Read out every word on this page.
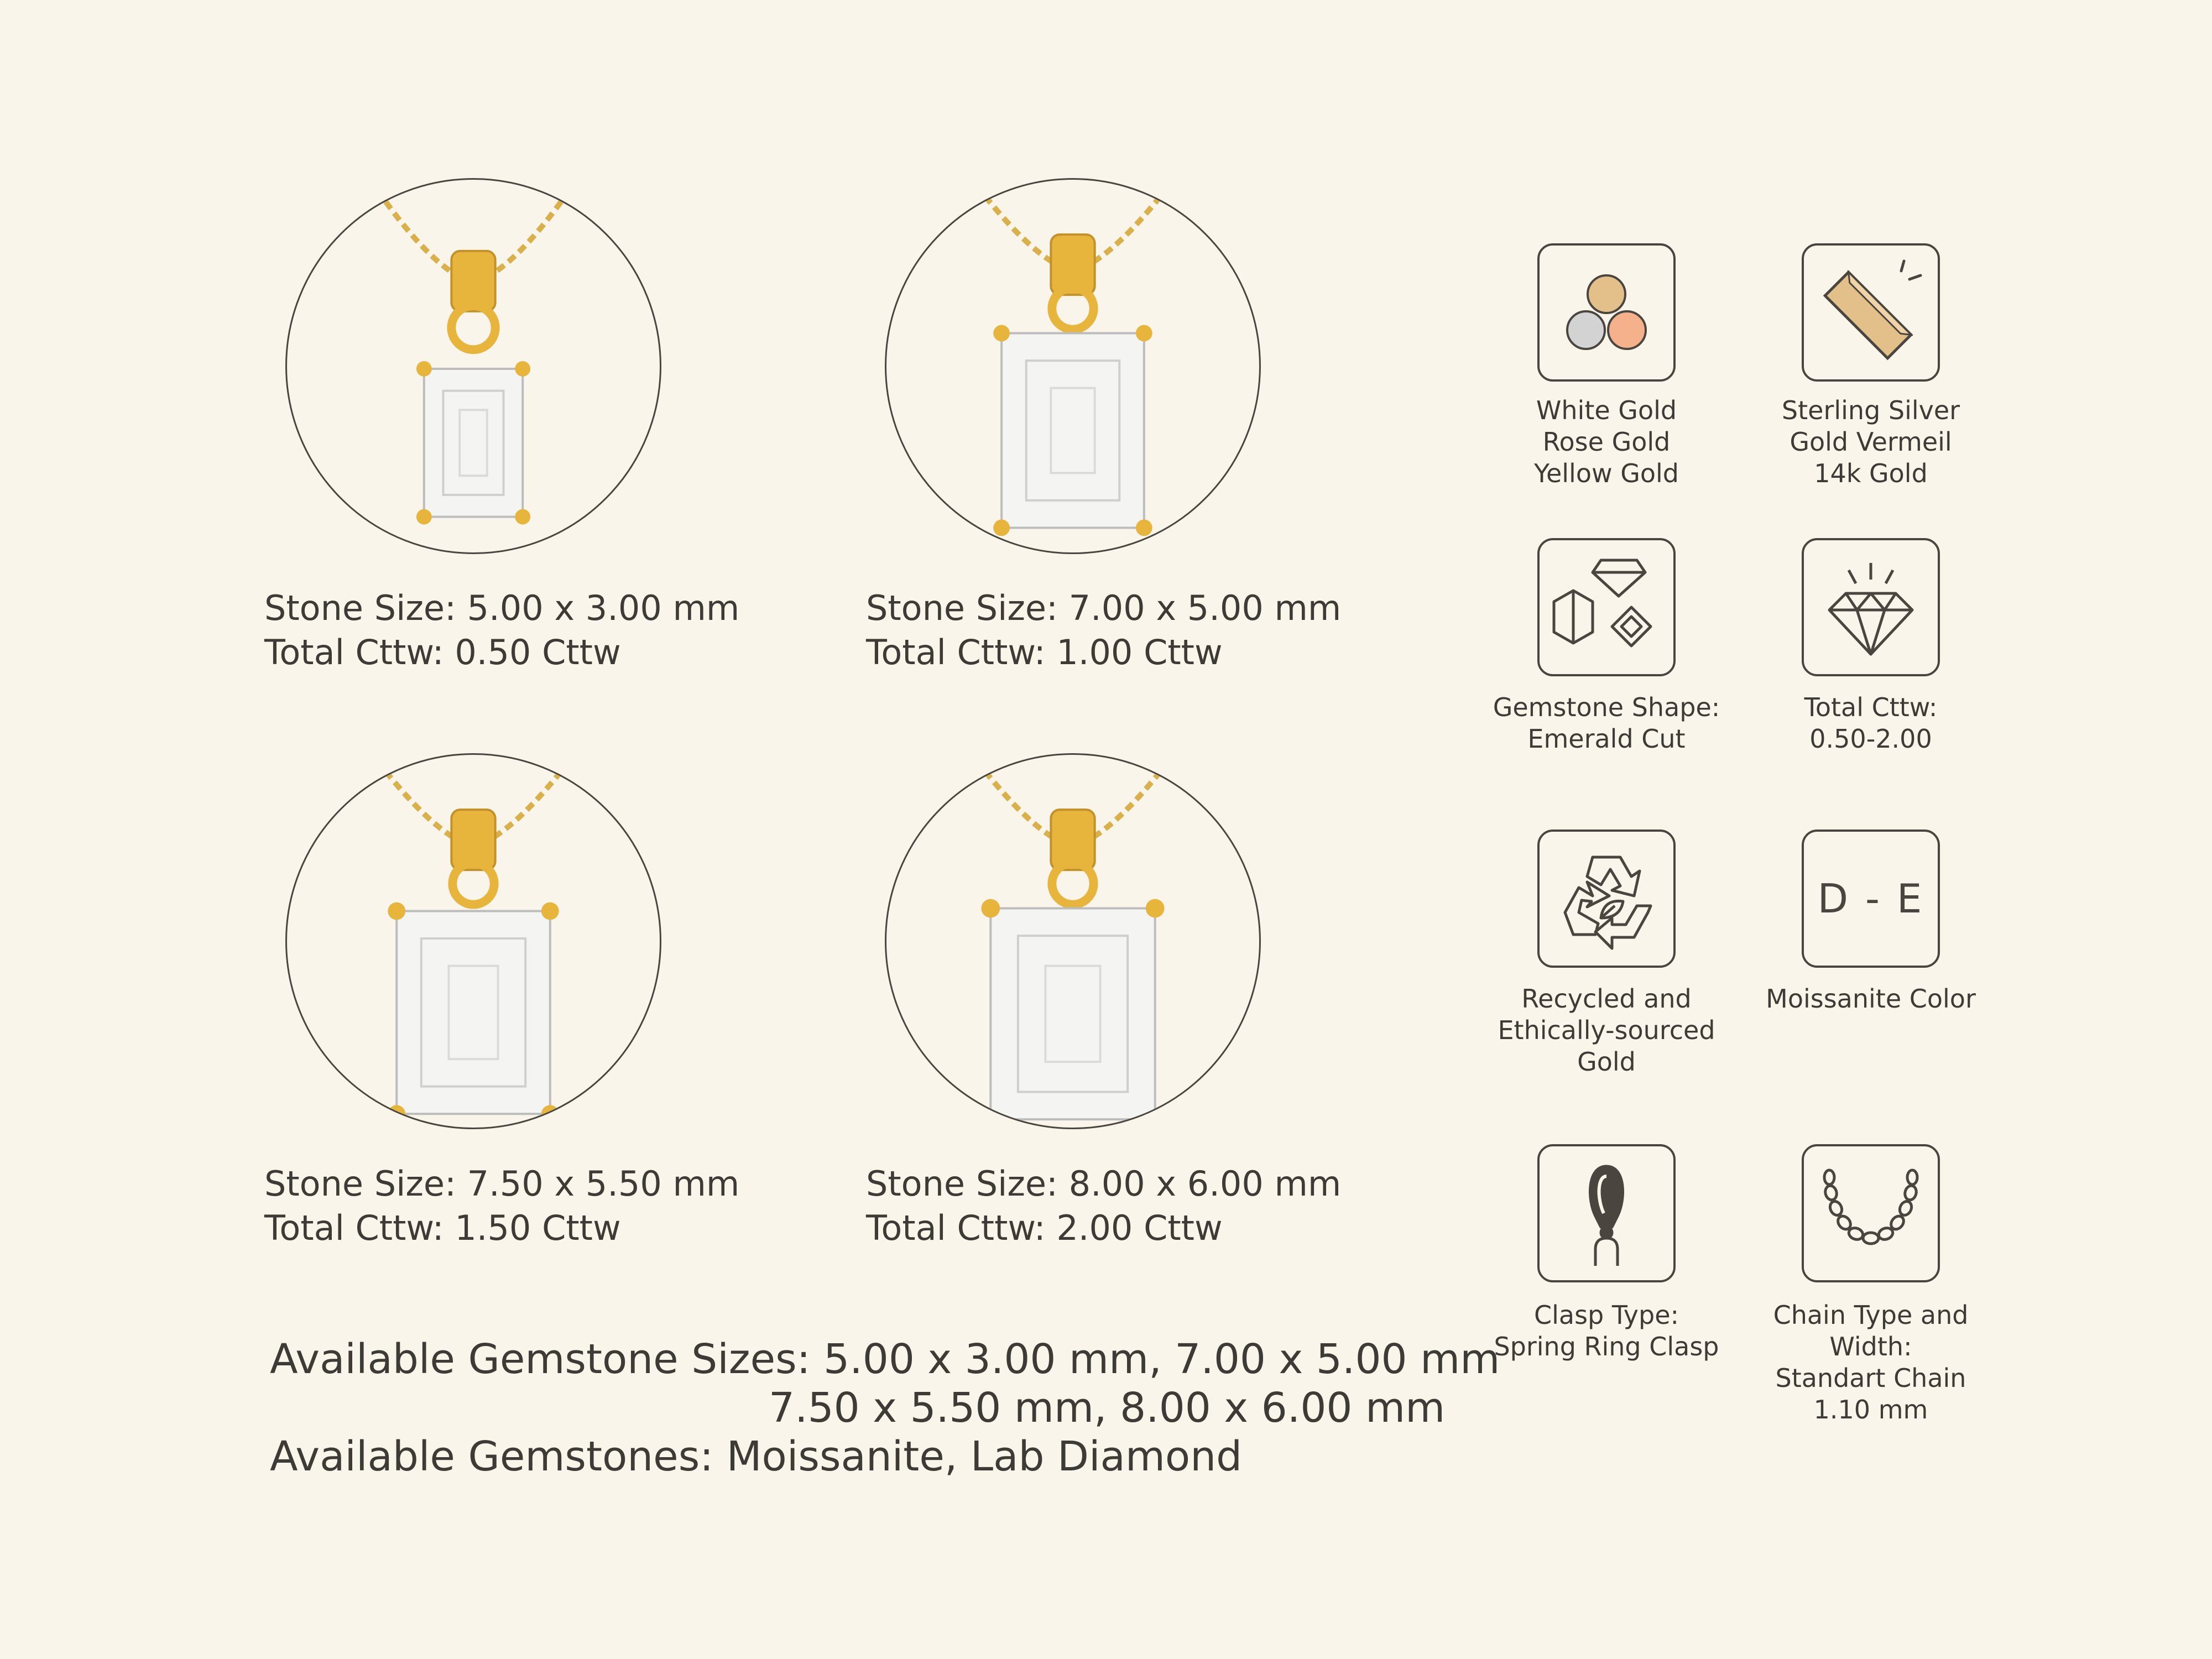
Stone Size: 5.00 x 3.00 mm
Total Cttw: 0.50 Cttw
Stone Size: 7.00 x 5.00 mm
Total Cttw: 1.00 Cttw
Stone Size: 7.50 x 5.50 mm
Total Cttw: 1.50 Cttw
Stone Size: 8.00 x 6.00 mm
Total Cttw: 2.00 Cttw
Available Gemstone Sizes: 5.00 x 3.00 mm, 7.00 x 5.00 mm
7.50 x 5.50 mm, 8.00 x 6.00 mm
Available Gemstones: Moissanite, Lab Diamond
White Gold
Rose Gold
Yellow Gold
Sterling Silver
Gold Vermeil
14k Gold
Gemstone Shape:
Emerald Cut
Total Cttw:
0.50-2.00
Recycled and
Ethically-sourced
Gold
D - E
Moissanite Color
Clasp Type:
Spring Ring Clasp
Chain Type and Width:
Standart Chain
1.10 mm
